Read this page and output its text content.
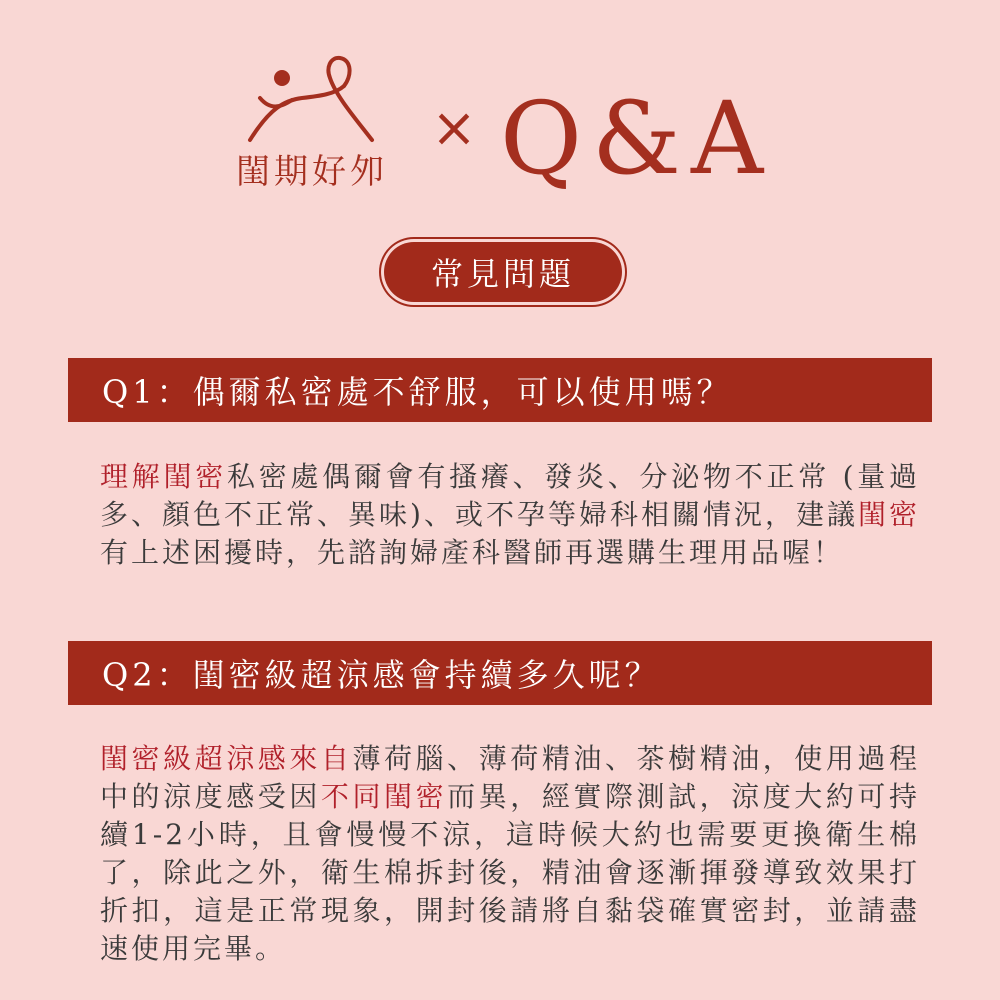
閨期好夘
× Q&A
常見問題
Q1：偶爾私密處不舒服，可以使用嗎？
理解閨密私密處偶爾會有搔癢、發炎、分泌物不正常 (量過多、顏色不正常、異味)、或不孕等婦科相關情況，建議閨密有上述困擾時，先諮詢婦產科醫師再選購生理用品喔！
Q2：閨密級超涼感會持續多久呢？
閨密級超涼感來自薄荷腦、薄荷精油、茶樹精油，使用過程中的涼度感受因不同閨密而異，經實際測試，涼度大約可持續1-2小時，且會慢慢不涼，這時候大約也需要更換衛生棉了，除此之外，衛生棉拆封後，精油會逐漸揮發導致效果打折扣，這是正常現象，開封後請將自黏袋確實密封，並請盡速使用完畢。
